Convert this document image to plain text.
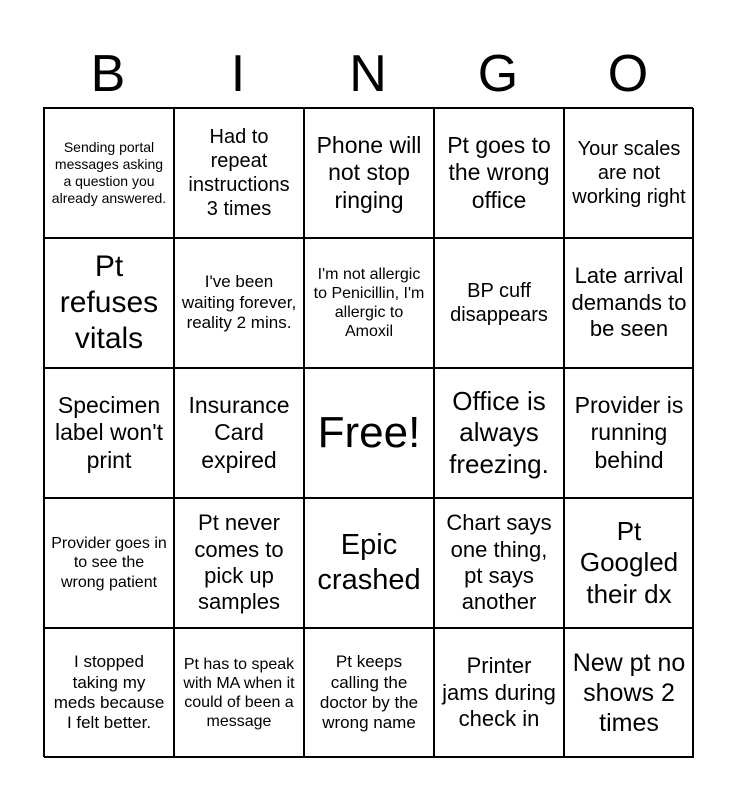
B	I	N	G	O
Sending portal messages asking a question you already answered.
Had to repeat instructions 3 times
Phone will not stop ringing
Pt goes to the wrong office
Your scales are not working right
Pt refuses vitals
I've been waiting forever, reality 2 mins.
I'm not allergic to Penicillin, I'm allergic to Amoxil
BP cuff disappears
Late arrival demands to be seen
Specimen label won't print
Insurance Card expired
Free!
Office is always freezing.
Provider is running behind
Provider goes in to see the wrong patient
Pt never comes to pick up samples
Epic crashed
Chart says one thing, pt says another
Pt Googled their dx
I stopped taking my meds because I felt better.
Pt has to speak with MA when it could of been a message
Pt keeps calling the doctor by the wrong name
Printer jams during check in
New pt no shows 2 times
